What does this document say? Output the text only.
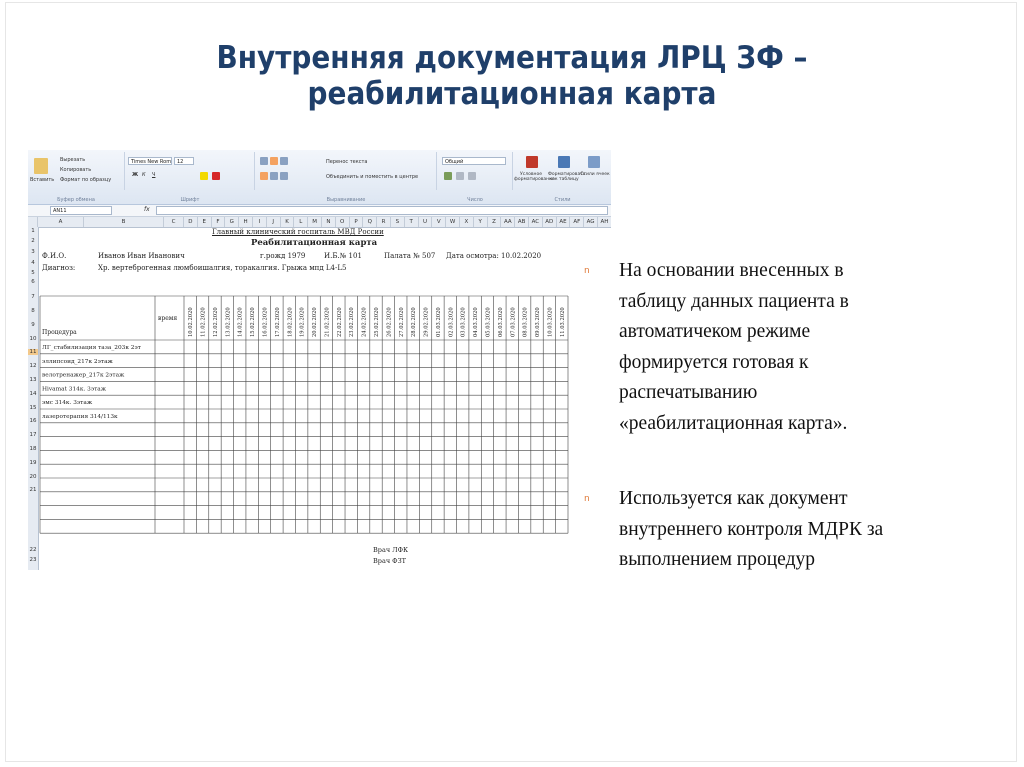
Внутренняя документация ЛРЦ ЗФ –
реабилитационная карта
Вставить
Вырезать
Копировать
Формат по образцу
Буфер обмена
Times New Rom	12
Ж К Ч
Шрифт
Перенос текста
Объединить и поместить в центре
Выравнивание
Общий
Число
Условное форматирование
Форматировать как таблицу
Стили ячеек
Стили
AN11	fx
A	B	C	D	E	F	G	H	I	J	K	L	M	N	O	P	Q	R	S	T	U	V	W	X	Y	Z	AA	AB	AC	AD	AE	AF	AG	AH
1
2
3
4
5
6
7
8
9
10
11
12
13
14
15
16
17
18
19
20
21
22
23
Главный клинический госпиталь МВД России
Реабилитационная карта
Ф.И.О.	Иванов Иван Иванович	г.рожд 1979	И.Б.№ 101	Палата № 507 Дата осмотра: 10.02.2020
Диагноз:	Хр. вертеброгенная люмбоишалгия, торакалгия. Грыжа мпд L4-L5
Процедура
время 10.02.2020 11.02.2020 12.02.2020 13.02.2020 14.02.2020 15.02.2020 16.02.2020 17.02.2020 18.02.2020 19.02.2020 20.02.2020 21.02.2020 22.02.2020 23.02.2020 24.02.2020 25.02.2020 26.02.2020 27.02.2020 28.02.2020 29.02.2020 01.03.2020 02.03.2020 03.03.2020 04.03.2020 05.03.2020 06.03.2020 07.03.2020 08.03.2020 09.03.2020 10.03.2020 11.03.2020
ЛГ_стабилизация таза_203к 2эт
эллипсоид_217к 2этаж
велотренажер_217к 2этаж
Hivamat 314к. 3этаж
эмс 314к. 3этаж
лазеротерапия 314/113к
Врач ЛФК
Врач ФЗТ
n На основании внесенных в
таблицу данных пациента в
автоматичеком режиме
формируется готовая к
распечатыванию
«реабилитационная карта».
n Используется как документ
внутреннего контроля МДРК за
выполнением процедур
